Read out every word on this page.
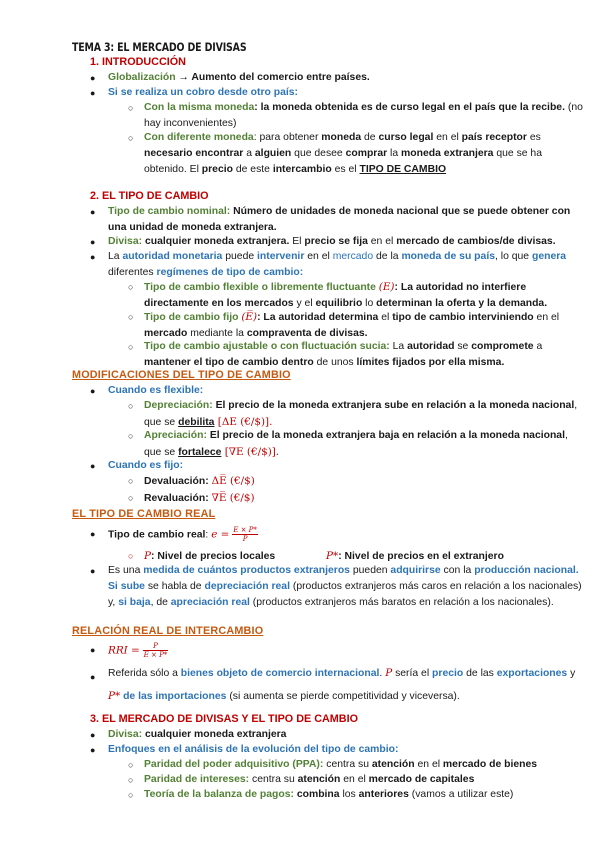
TEMA 3: EL MERCADO DE DIVISAS
1. INTRODUCCIÓN
● Globalización → Aumento del comercio entre países.
● Si se realiza un cobro desde otro país:
○ Con la misma moneda: la moneda obtenida es de curso legal en el país que la recibe. (no hay inconvenientes)
○ Con diferente moneda: para obtener moneda de curso legal en el país receptor es necesario encontrar a alguien que desee comprar la moneda extranjera que se ha obtenido. El precio de este intercambio es el TIPO DE CAMBIO
2. EL TIPO DE CAMBIO
● Tipo de cambio nominal: Número de unidades de moneda nacional que se puede obtener con una unidad de moneda extranjera.
● Divisa: cualquier moneda extranjera. El precio se fija en el mercado de cambios/de divisas.
● La autoridad monetaria puede intervenir en el mercado de la moneda de su país, lo que genera diferentes regímenes de tipo de cambio:
○ Tipo de cambio flexible o libremente fluctuante (E): La autoridad no interfiere directamente en los mercados y el equilibrio lo determinan la oferta y la demanda.
○ Tipo de cambio fijo (E̅): La autoridad determina el tipo de cambio interviniendo en el mercado mediante la compraventa de divisas.
○ Tipo de cambio ajustable o con fluctuación sucia: La autoridad se compromete a mantener el tipo de cambio dentro de unos límites fijados por ella misma.
MODIFICACIONES DEL TIPO DE CAMBIO
● Cuando es flexible:
○ Depreciación: El precio de la moneda extranjera sube en relación a la moneda nacional, que se debilita [ΔE (€/$)].
○ Apreciación: El precio de la moneda extranjera baja en relación a la moneda nacional, que se fortalece [∇E (€/$)].
● Cuando es fijo:
○ Devaluación: ΔE̅ (€/$)
○ Revaluación: ∇E̅ (€/$)
EL TIPO DE CAMBIO REAL
● Tipo de cambio real: $e = \frac{E \times P*}{P}$
○ P: Nivel de precios locales	P*: Nivel de precios en el extranjero
● Es una medida de cuántos productos extranjeros pueden adquirirse con la producción nacional. Si sube se habla de depreciación real (productos extranjeros más caros en relación a los nacionales) y, si baja, de apreciación real (productos extranjeros más baratos en relación a los nacionales).
RELACIÓN REAL DE INTERCAMBIO
● RRI = $\frac{P}{E \times P*}$
● Referida sólo a bienes objeto de comercio internacional. P sería el precio de las exportaciones y P* de las importaciones (si aumenta se pierde competitividad y viceversa).
3. EL MERCADO DE DIVISAS Y EL TIPO DE CAMBIO
● Divisa: cualquier moneda extranjera
● Enfoques en el análisis de la evolución del tipo de cambio:
○ Paridad del poder adquisitivo (PPA): centra su atención en el mercado de bienes
○ Paridad de intereses: centra su atención en el mercado de capitales
○ Teoría de la balanza de pagos: combina los anteriores (vamos a utilizar este)
